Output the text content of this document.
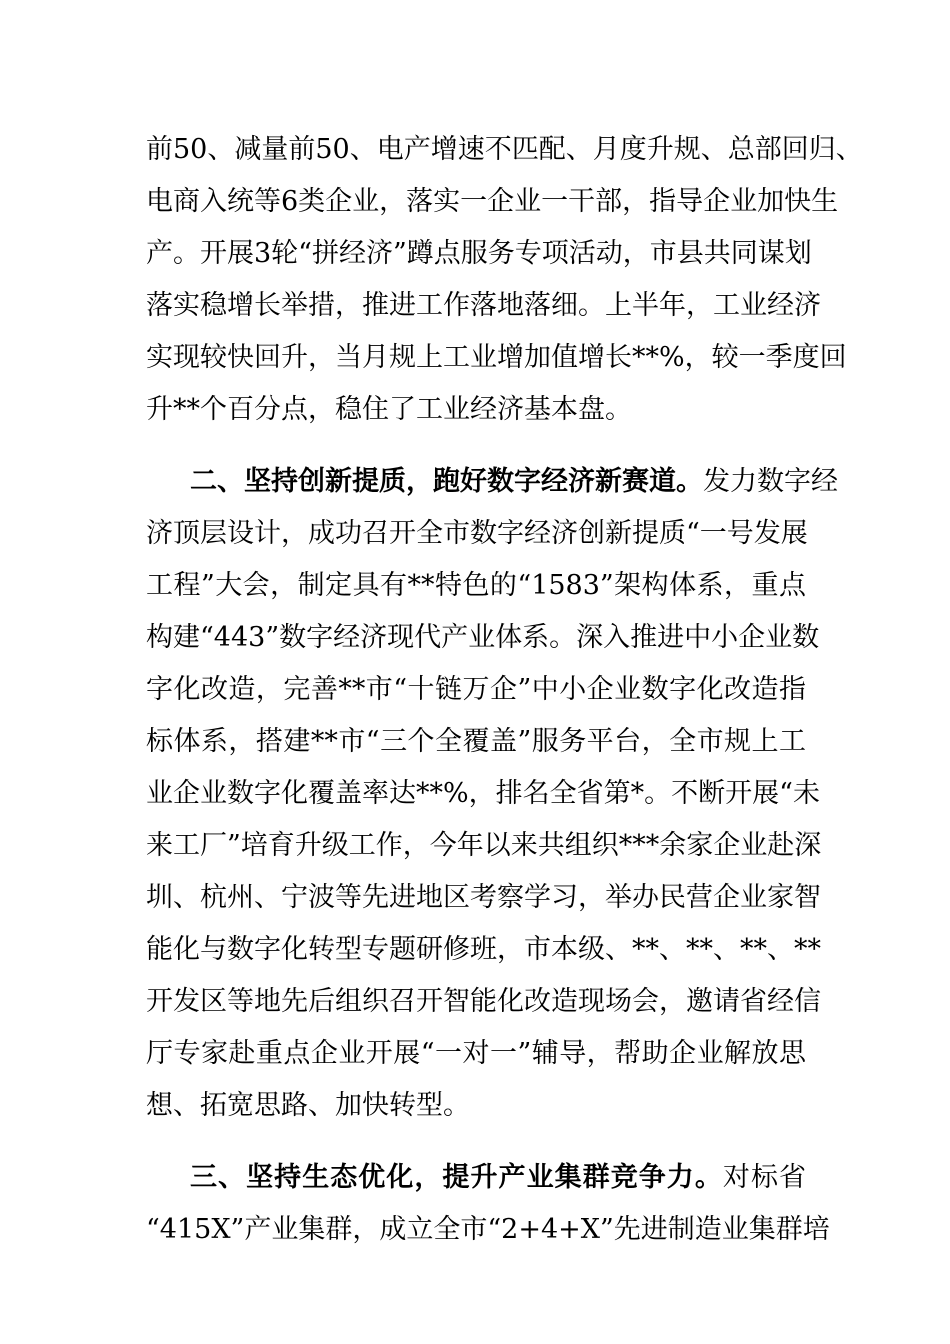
前50、减量前50、电产增速不匹配、月度升规、总部回归、
电商入统等6类企业，落实一企业一干部，指导企业加快生
产。开展3轮“拼经济”蹲点服务专项活动，市县共同谋划
落实稳增长举措，推进工作落地落细。上半年，工业经济
实现较快回升，当月规上工业增加值增长**%，较一季度回
升**个百分点，稳住了工业经济基本盘。
二、坚持创新提质，跑好数字经济新赛道。发力数字经
济顶层设计，成功召开全市数字经济创新提质“一号发展
工程”大会，制定具有**特色的“1583”架构体系，重点
构建“443”数字经济现代产业体系。深入推进中小企业数
字化改造，完善**市“十链万企”中小企业数字化改造指
标体系，搭建**市“三个全覆盖”服务平台，全市规上工
业企业数字化覆盖率达**%，排名全省第*。不断开展“未
来工厂”培育升级工作，今年以来共组织***余家企业赴深
圳、杭州、宁波等先进地区考察学习，举办民营企业家智
能化与数字化转型专题研修班，市本级、**、**、**、**
开发区等地先后组织召开智能化改造现场会，邀请省经信
厅专家赴重点企业开展“一对一”辅导，帮助企业解放思
想、拓宽思路、加快转型。
三、坚持生态优化，提升产业集群竞争力。对标省
“415X”产业集群，成立全市“2+4+X”先进制造业集群培
